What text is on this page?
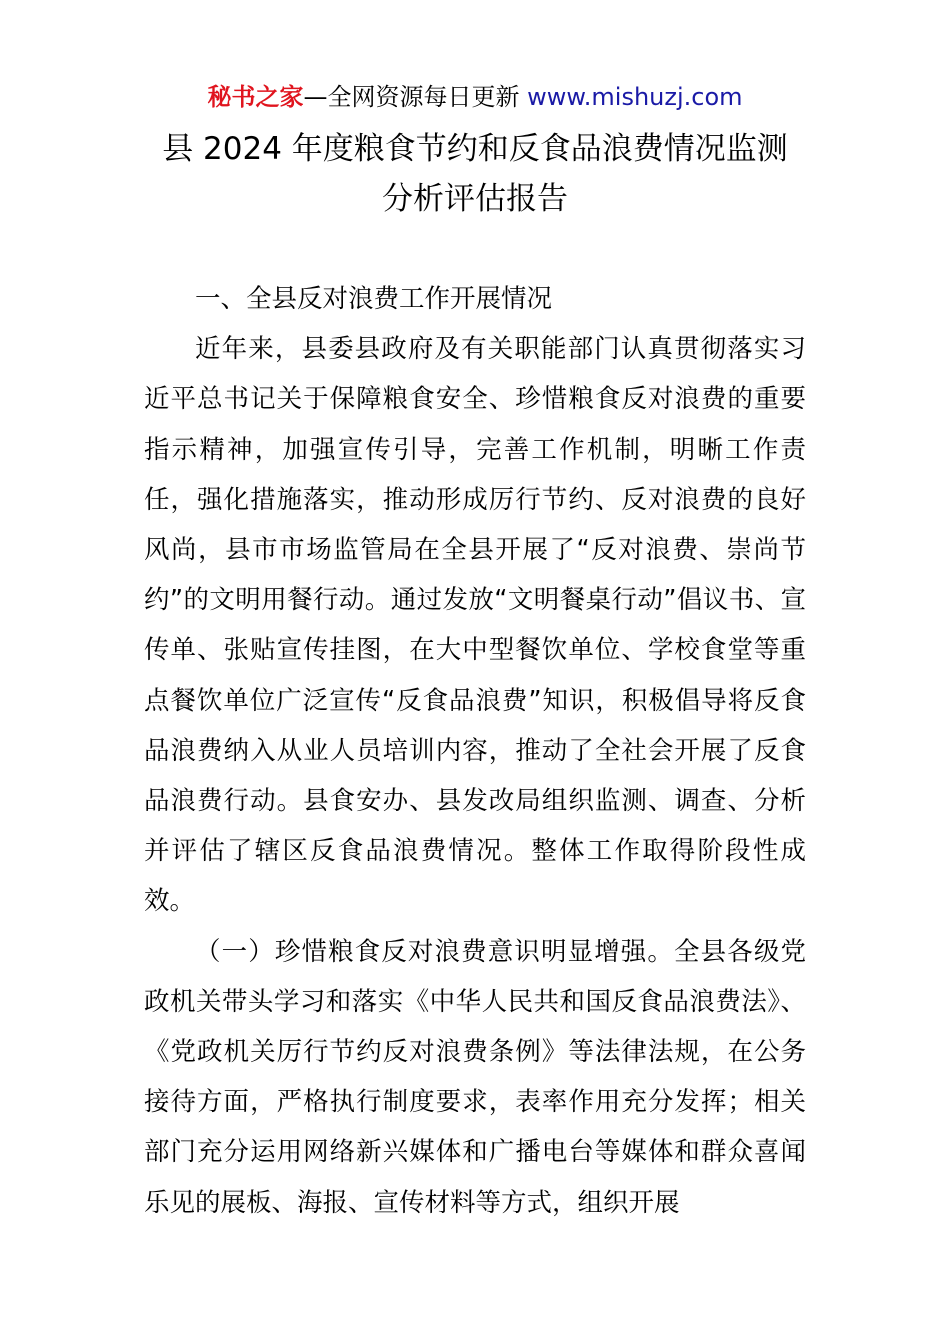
秘书之家—全网资源每日更新 www.mishuzj.com
县 2024 年度粮食节约和反食品浪费情况监测
分析评估报告

一、全县反对浪费工作开展情况

近年来，县委县政府及有关职能部门认真贯彻落实习近平总书记关于保障粮食安全、珍惜粮食反对浪费的重要指示精神，加强宣传引导，完善工作机制，明晰工作责任，强化措施落实，推动形成厉行节约、反对浪费的良好风尚，县市市场监管局在全县开展了“反对浪费、崇尚节约”的文明用餐行动。通过发放“文明餐桌行动”倡议书、宣传单、张贴宣传挂图，在大中型餐饮单位、学校食堂等重点餐饮单位广泛宣传“反食品浪费”知识，积极倡导将反食品浪费纳入从业人员培训内容，推动了全社会开展了反食品浪费行动。县食安办、县发改局组织监测、调查、分析并评估了辖区反食品浪费情况。整体工作取得阶段性成效。

（一）珍惜粮食反对浪费意识明显增强。全县各级党政机关带头学习和落实《中华人民共和国反食品浪费法》、《党政机关厉行节约反对浪费条例》等法律法规，在公务接待方面，严格执行制度要求，表率作用充分发挥；相关部门充分运用网络新兴媒体和广播电台等媒体和群众喜闻乐见的展板、海报、宣传材料等方式，组织开展
